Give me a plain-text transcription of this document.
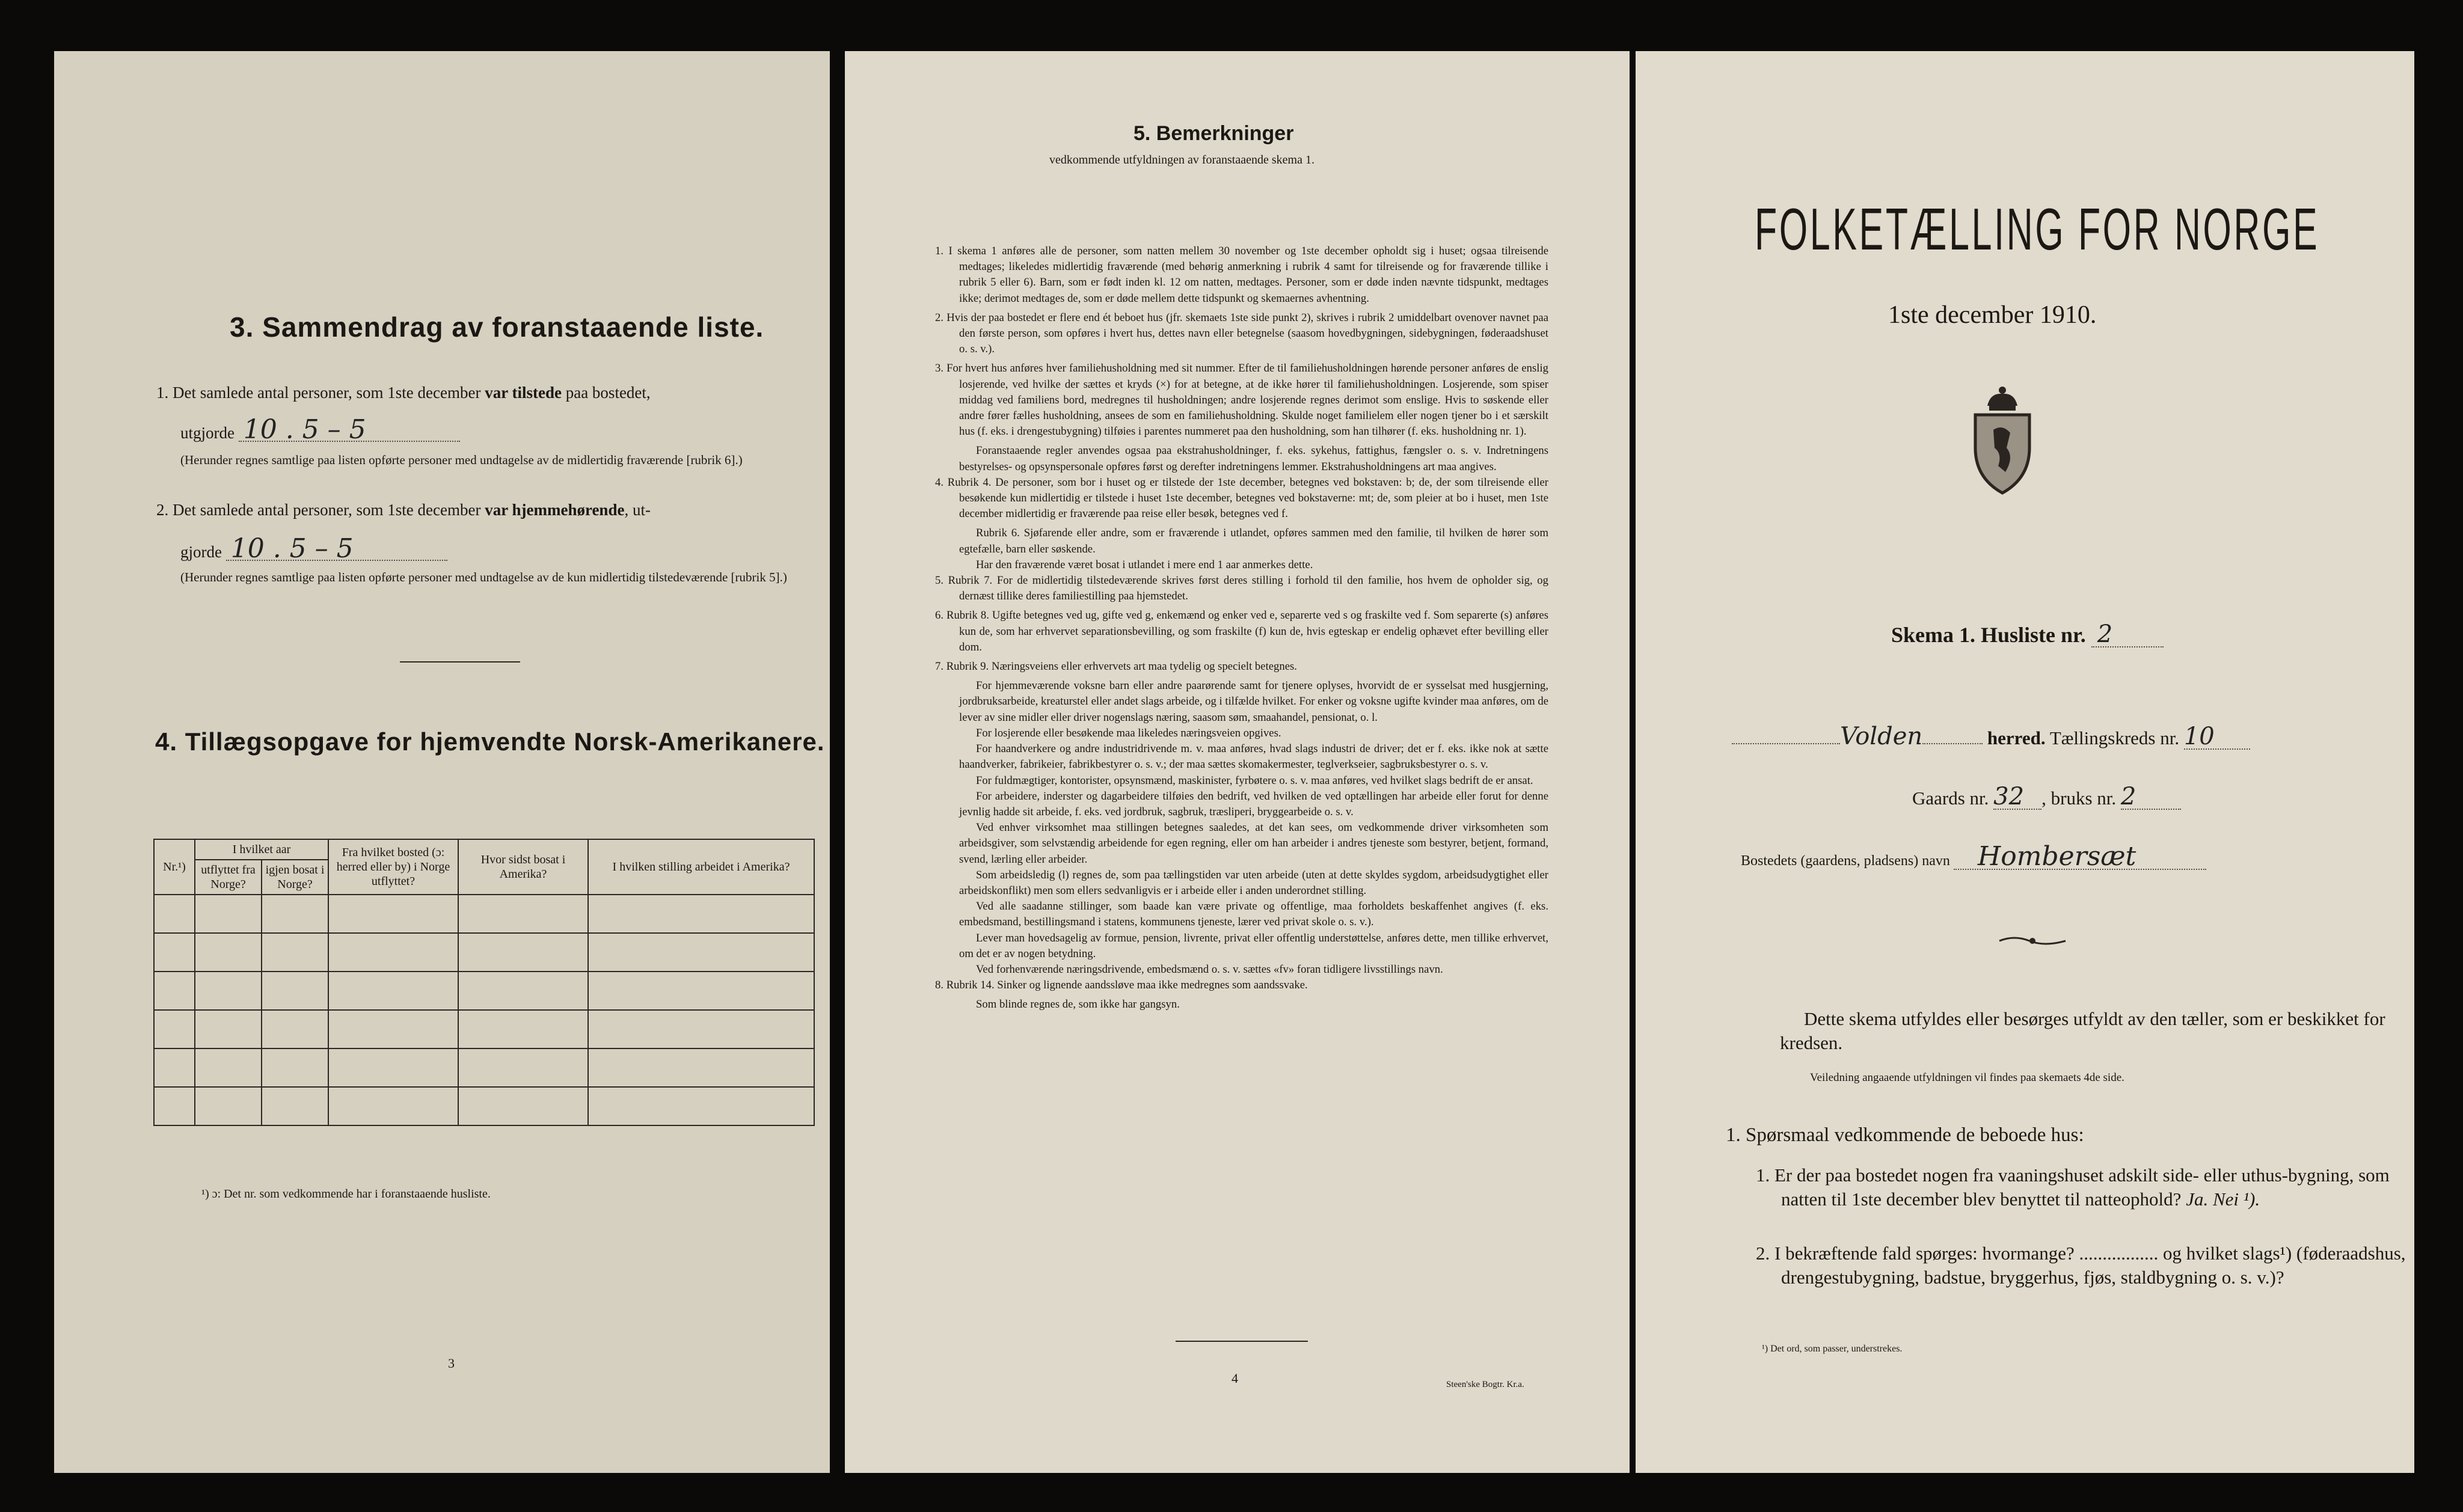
3. Sammendrag av foranstaaende liste.
1. Det samlede antal personer, som 1ste december var tilstede paa bostedet,
utgjorde 10 . 5 – 5
(Herunder regnes samtlige paa listen opførte personer med undtagelse av de midlertidig fraværende [rubrik 6].)
2. Det samlede antal personer, som 1ste december var hjemmehørende, ut-
gjorde 10 . 5 – 5
(Herunder regnes samtlige paa listen opførte personer med undtagelse av de kun midlertidig tilstedeværende [rubrik 5].)
4. Tillægsopgave for hjemvendte Norsk-Amerikanere.
Nr.¹)	I hvilket aar		Fra hvilket bosted (ɔ: herred eller by) i Norge utflyttet?	Hvor sidst bosat i Amerika?	I hvilken stilling arbeidet i Amerika?
	utflyttet fra Norge?	igjen bosat i Norge?			

¹) ɔ: Det nr. som vedkommende har i foranstaaende husliste.
3
5. Bemerkninger
vedkommende utfyldningen av foranstaaende skema 1.

1. I skema 1 anføres alle de personer, som natten mellem 30 november og 1ste december opholdt sig i huset; ogsaa tilreisende medtages; likeledes midlertidig fraværende (med behørig anmerkning i rubrik 4 samt for tilreisende og for fraværende tillike i rubrik 5 eller 6). Barn, som er født inden kl. 12 om natten, medtages. Personer, som er døde inden nævnte tidspunkt, medtages ikke; derimot medtages de, som er døde mellem dette tidspunkt og skemaernes avhentning.

2. Hvis der paa bostedet er flere end ét beboet hus (jfr. skemaets 1ste side punkt 2), skrives i rubrik 2 umiddelbart ovenover navnet paa den første person, som opføres i hvert hus, dettes navn eller betegnelse (saasom hovedbygningen, sidebygningen, føderaadshuset o. s. v.).

3. For hvert hus anføres hver familiehusholdning med sit nummer. Efter de til familiehusholdningen hørende personer anføres de enslig losjerende, ved hvilke der sættes et kryds (×) for at betegne, at de ikke hører til familiehusholdningen. Losjerende, som spiser middag ved familiens bord, medregnes til husholdningen; andre losjerende regnes derimot som enslige. Hvis to søskende eller andre fører fælles husholdning, ansees de som en familiehusholdning. Skulde noget familielem eller nogen tjener bo i et særskilt hus (f. eks. i drengestubygning) tilføies i parentes nummeret paa den husholdning, som han tilhører (f. eks. husholdning nr. 1).

Foranstaaende regler anvendes ogsaa paa ekstrahusholdninger, f. eks. sykehus, fattighus, fængsler o. s. v. Indretningens bestyrelses- og opsynspersonale opføres først og derefter indretningens lemmer. Ekstrahusholdningens art maa angives.

4. Rubrik 4. De personer, som bor i huset og er tilstede der 1ste december, betegnes ved bokstaven: b; de, der som tilreisende eller besøkende kun midlertidig er tilstede i huset 1ste december, betegnes ved bokstaverne: mt; de, som pleier at bo i huset, men 1ste december midlertidig er fraværende paa reise eller besøk, betegnes ved f.

Rubrik 6. Sjøfarende eller andre, som er fraværende i utlandet, opføres sammen med den familie, til hvilken de hører som egtefælle, barn eller søskende.

Har den fraværende været bosat i utlandet i mere end 1 aar anmerkes dette.

5. Rubrik 7. For de midlertidig tilstedeværende skrives først deres stilling i forhold til den familie, hos hvem de opholder sig, og dernæst tillike deres familiestilling paa hjemstedet.

6. Rubrik 8. Ugifte betegnes ved ug, gifte ved g, enkemænd og enker ved e, separerte ved s og fraskilte ved f. Som separerte (s) anføres kun de, som har erhvervet separationsbevilling, og som fraskilte (f) kun de, hvis egteskap er endelig ophævet efter bevilling eller dom.

7. Rubrik 9. Næringsveiens eller erhvervets art maa tydelig og specielt betegnes.

For hjemmeværende voksne barn eller andre paarørende samt for tjenere oplyses, hvorvidt de er sysselsat med husgjerning, jordbruksarbeide, kreaturstel eller andet slags arbeide, og i tilfælde hvilket. For enker og voksne ugifte kvinder maa anføres, om de lever av sine midler eller driver nogenslags næring, saasom søm, smaahandel, pensionat, o. l.

For losjerende eller besøkende maa likeledes næringsveien opgives.

For haandverkere og andre industridrivende m. v. maa anføres, hvad slags industri de driver; det er f. eks. ikke nok at sætte haandverker, fabrikeier, fabrikbestyrer o. s. v.; der maa sættes skomakermester, teglverkseier, sagbruksbestyrer o. s. v.

For fuldmægtiger, kontorister, opsynsmænd, maskinister, fyrbøtere o. s. v. maa anføres, ved hvilket slags bedrift de er ansat.

For arbeidere, inderster og dagarbeidere tilføies den bedrift, ved hvilken de ved optællingen har arbeide eller forut for denne jevnlig hadde sit arbeide, f. eks. ved jordbruk, sagbruk, træsliperi, bryggearbeide o. s. v.

Ved enhver virksomhet maa stillingen betegnes saaledes, at det kan sees, om vedkommende driver virksomheten som arbeidsgiver, som selvstændig arbeidende for egen regning, eller om han arbeider i andres tjeneste som bestyrer, betjent, formand, svend, lærling eller arbeider.

Som arbeidsledig (l) regnes de, som paa tællingstiden var uten arbeide (uten at dette skyldes sygdom, arbeidsudygtighet eller arbeidskonflikt) men som ellers sedvanligvis er i arbeide eller i anden underordnet stilling.

Ved alle saadanne stillinger, som baade kan være private og offentlige, maa forholdets beskaffenhet angives (f. eks. embedsmand, bestillingsmand i statens, kommunens tjeneste, lærer ved privat skole o. s. v.).

Lever man hovedsagelig av formue, pension, livrente, privat eller offentlig understøttelse, anføres dette, men tillike erhvervet, om det er av nogen betydning.

Ved forhenværende næringsdrivende, embedsmænd o. s. v. sættes «fv» foran tidligere livsstillings navn.

8. Rubrik 14. Sinker og lignende aandssløve maa ikke medregnes som aandssvake.

Som blinde regnes de, som ikke har gangsyn.

4	Steen'ske Bogtr. Kr.a.
FOLKETÆLLING FOR NORGE
1ste december 1910.
Skema 1. Husliste nr. 2
Volden	herred. Tællingskreds nr. 10
Gaards nr. 32 , bruks nr. 2
Bostedets (gaardens, pladsens) navn Hombersæt
Dette skema utfyldes eller besørges utfyldt av den tæller, som er beskikket for kredsen.
Veiledning angaaende utfyldningen vil findes paa skemaets 4de side.
1. Spørsmaal vedkommende de beboede hus:
1. Er der paa bostedet nogen fra vaaningshuset adskilt side- eller uthus-bygning, som natten til 1ste december blev benyttet til natteophold? Ja. Nei ¹).
2. I bekræftende fald spørges: hvormange? ................. og hvilket slags¹) (føderaadshus, drengestubygning, badstue, bryggerhus, fjøs, staldbygning o. s. v.)?
¹) Det ord, som passer, understrekes.
